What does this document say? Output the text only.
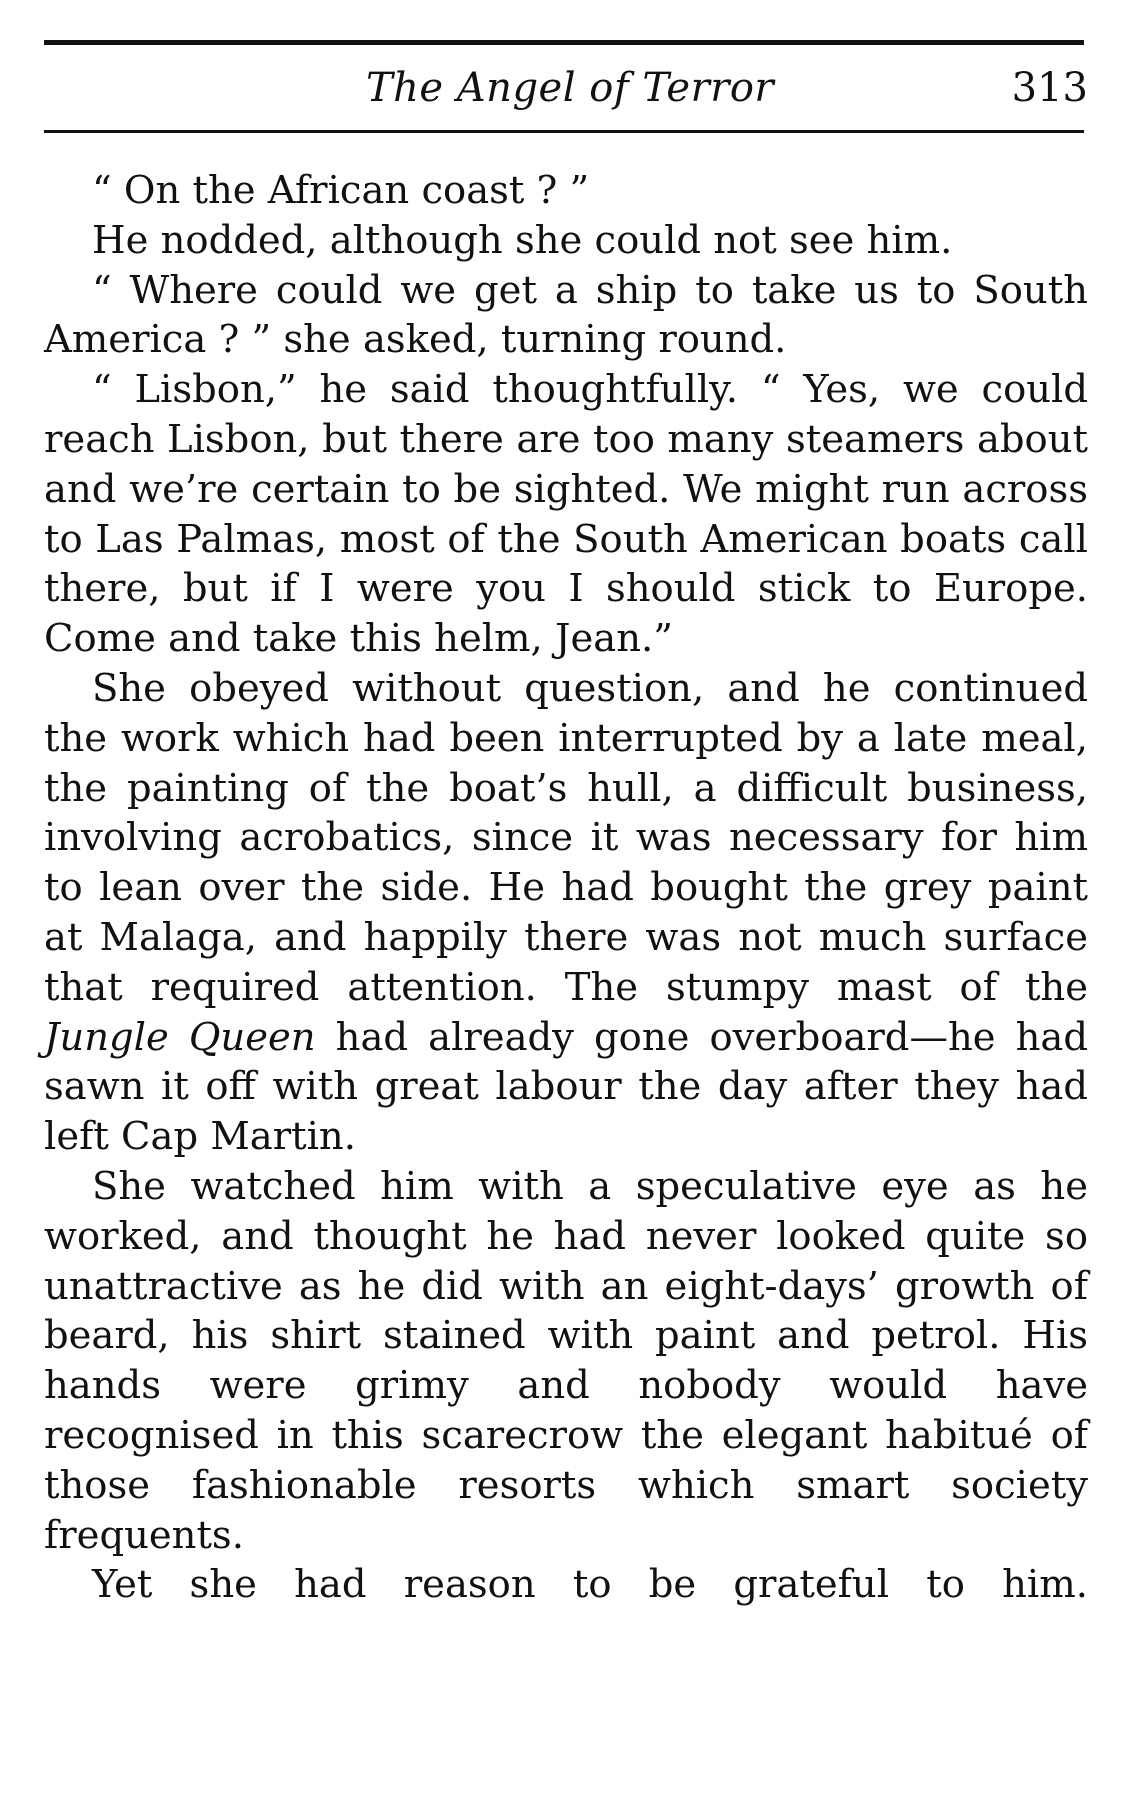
The Angel of Terror	313

“ On the African coast ? ”

He nodded, although she could not see him.

“ Where could we get a ship to take us to South America ? ” she asked, turning round.

“ Lisbon,” he said thoughtfully. “ Yes, we could reach Lisbon, but there are too many steamers about and we’re certain to be sighted. We might run across to Las Palmas, most of the South American boats call there, but if I were you I should stick to Europe. Come and take this helm, Jean.”

She obeyed without question, and he continued the work which had been interrupted by a late meal, the painting of the boat’s hull, a difficult business, involving acrobatics, since it was necessary for him to lean over the side. He had bought the grey paint at Malaga, and happily there was not much surface that required attention. The stumpy mast of the Jungle Queen had already gone overboard—he had sawn it off with great labour the day after they had left Cap Martin.

She watched him with a speculative eye as he worked, and thought he had never looked quite so unattractive as he did with an eight-days’ growth of beard, his shirt stained with paint and petrol. His hands were grimy and nobody would have recognised in this scarecrow the elegant habitué of those fashionable resorts which smart society frequents.

Yet she had reason to be grateful to him.
